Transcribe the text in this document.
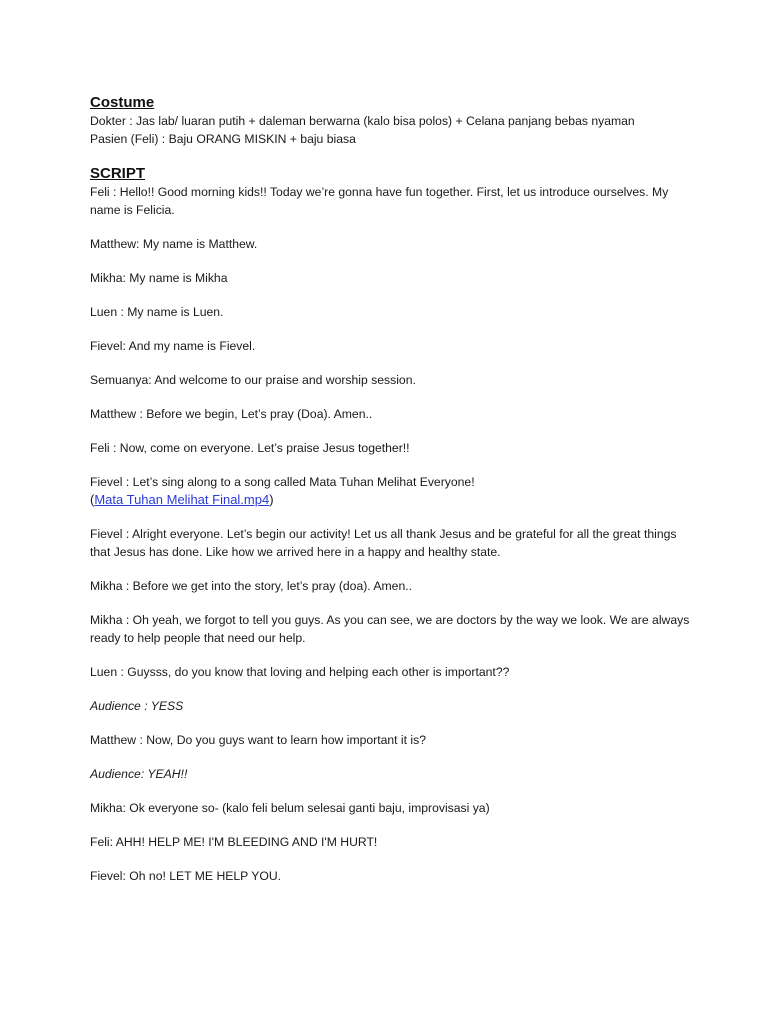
Costume

Dokter : Jas lab/ luaran putih + daleman berwarna (kalo bisa polos) + Celana panjang bebas nyaman

Pasien (Feli) : Baju ORANG MISKIN + baju biasa

SCRIPT

Feli : Hello!! Good morning kids!! Today we’re gonna have fun together. First, let us introduce ourselves. My name is Felicia.

Matthew: My name is Matthew.

Mikha: My name is Mikha

Luen : My name is Luen.

Fievel: And my name is Fievel.

Semuanya: And welcome to our praise and worship session.

Matthew : Before we begin, Let’s pray (Doa). Amen..

Feli : Now, come on everyone. Let’s praise Jesus together!!

Fievel : Let’s sing along to a song called Mata Tuhan Melihat Everyone!
(Mata Tuhan Melihat Final.mp4)

Fievel : Alright everyone. Let’s begin our activity! Let us all thank Jesus and be grateful for all the great things that Jesus has done. Like how we arrived here in a happy and healthy state.

Mikha : Before we get into the story, let’s pray (doa). Amen..

Mikha : Oh yeah, we forgot to tell you guys. As you can see, we are doctors by the way we look. We are always ready to help people that need our help.

Luen : Guysss, do you know that loving and helping each other is important??

Audience : YESS

Matthew : Now, Do you guys want to learn how important it is?

Audience: YEAH!!

Mikha: Ok everyone so- (kalo feli belum selesai ganti baju, improvisasi ya)

Feli: AHH! HELP ME! I'M BLEEDING AND I'M HURT!

Fievel: Oh no! LET ME HELP YOU.
